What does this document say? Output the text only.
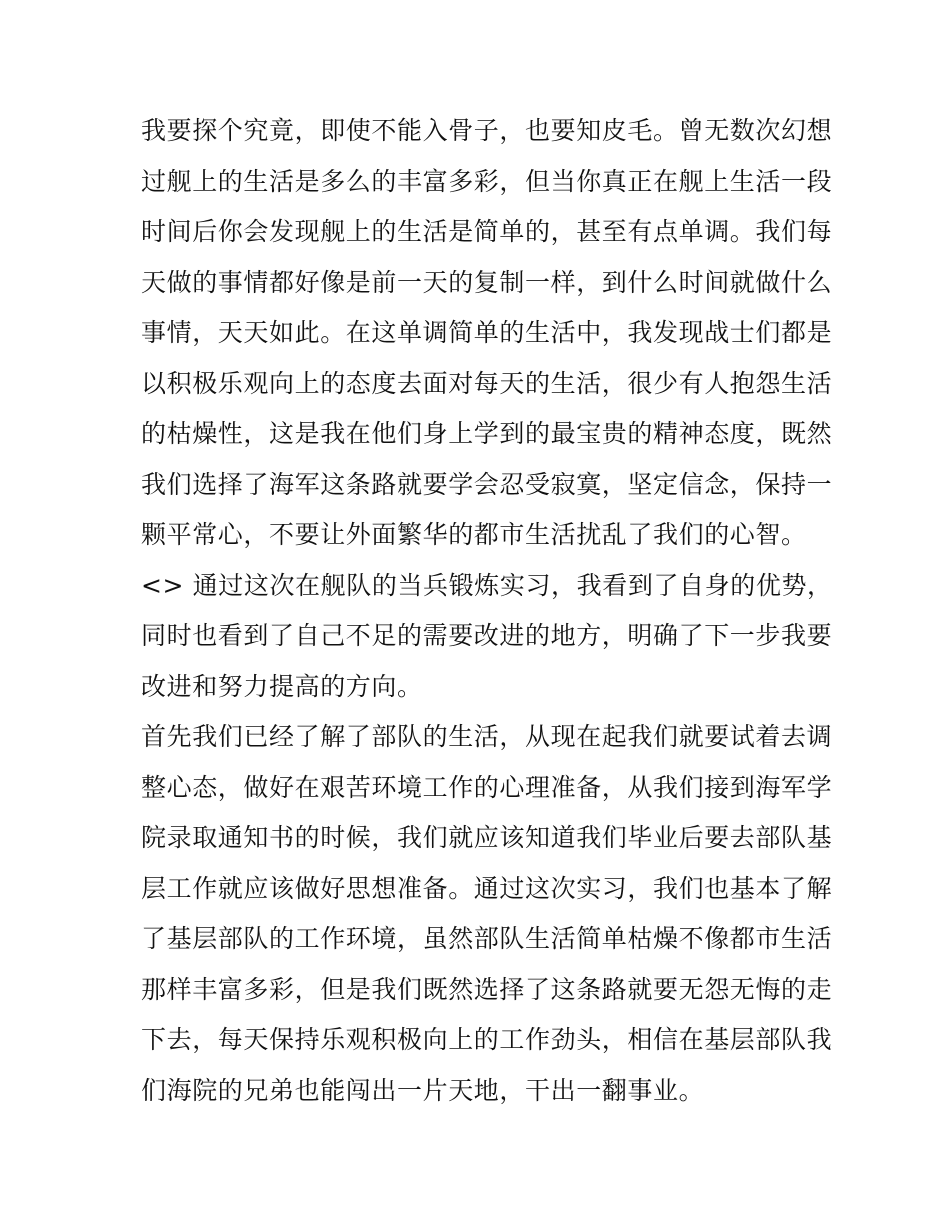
我要探个究竟，即使不能入骨子，也要知皮毛。曾无数次幻想
过舰上的生活是多么的丰富多彩，但当你真正在舰上生活一段
时间后你会发现舰上的生活是简单的，甚至有点单调。我们每
天做的事情都好像是前一天的复制一样，到什么时间就做什么
事情，天天如此。在这单调简单的生活中，我发现战士们都是
以积极乐观向上的态度去面对每天的生活，很少有人抱怨生活
的枯燥性，这是我在他们身上学到的最宝贵的精神态度，既然
我们选择了海军这条路就要学会忍受寂寞，坚定信念，保持一
颗平常心，不要让外面繁华的都市生活扰乱了我们的心智。
<> 通过这次在舰队的当兵锻炼实习，我看到了自身的优势，
同时也看到了自己不足的需要改进的地方，明确了下一步我要
改进和努力提高的方向。
首先我们已经了解了部队的生活，从现在起我们就要试着去调
整心态，做好在艰苦环境工作的心理准备，从我们接到海军学
院录取通知书的时候，我们就应该知道我们毕业后要去部队基
层工作就应该做好思想准备。通过这次实习，我们也基本了解
了基层部队的工作环境，虽然部队生活简单枯燥不像都市生活
那样丰富多彩，但是我们既然选择了这条路就要无怨无悔的走
下去，每天保持乐观积极向上的工作劲头，相信在基层部队我
们海院的兄弟也能闯出一片天地，干出一翻事业。
